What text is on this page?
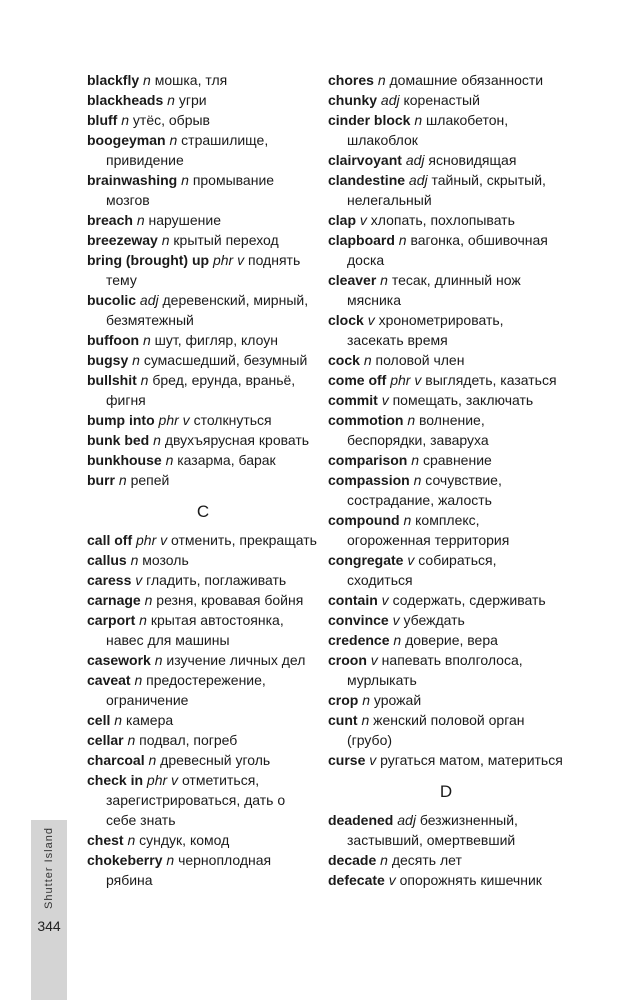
blackfly n мошка, тля
blackheads n угри
bluff n утёс, обрыв
boogeyman n страшилище, привидение
brainwashing n промывание мозгов
breach n нарушение
breezeway n крытый переход
bring (brought) up phr v поднять тему
bucolic adj деревенский, мирный, безмятежный
buffoon n шут, фигляр, клоун
bugsy n сумасшедший, безумный
bullshit n бред, ерунда, враньё, фигня
bump into phr v столкнуться
bunk bed n двухъярусная кровать
bunkhouse n казарма, барак
burr n репей
C
call off phr v отменить, прекращать
callus n мозоль
caress v гладить, поглаживать
carnage n резня, кровавая бойня
carport n крытая автостоянка, навес для машины
casework n изучение личных дел
caveat n предостережение, ограничение
cell n камера
cellar n подвал, погреб
charcoal n древесный уголь
check in phr v отметиться, зарегистрироваться, дать о себе знать
chest n сундук, комод
chokeberry n черноплодная рябина
chores n домашние обязанности
chunky adj коренастый
cinder block n шлакобетон, шлакоблок
clairvoyant adj ясновидящая
clandestine adj тайный, скрытый, нелегальный
clap v хлопать, похлопывать
clapboard n вагонка, обшивочная доска
cleaver n тесак, длинный нож мясника
clock v хронометрировать, засекать время
cock n половой член
come off phr v выглядеть, казаться
commit v помещать, заключать
commotion n волнение, беспорядки, заваруха
comparison n сравнение
compassion n сочувствие, сострадание, жалость
compound n комплекс, огороженная территория
congregate v собираться, сходиться
contain v содержать, сдерживать
convince v убеждать
credence n доверие, вера
croon v напевать вполголоса, мурлыкать
crop n урожай
cunt n женский половой орган (грубо)
curse v ругаться матом, материться
D
deadened adj безжизненный, застывший, омертвевший
decade n десять лет
defecate v опорожнять кишечник
Shutter Island
344
